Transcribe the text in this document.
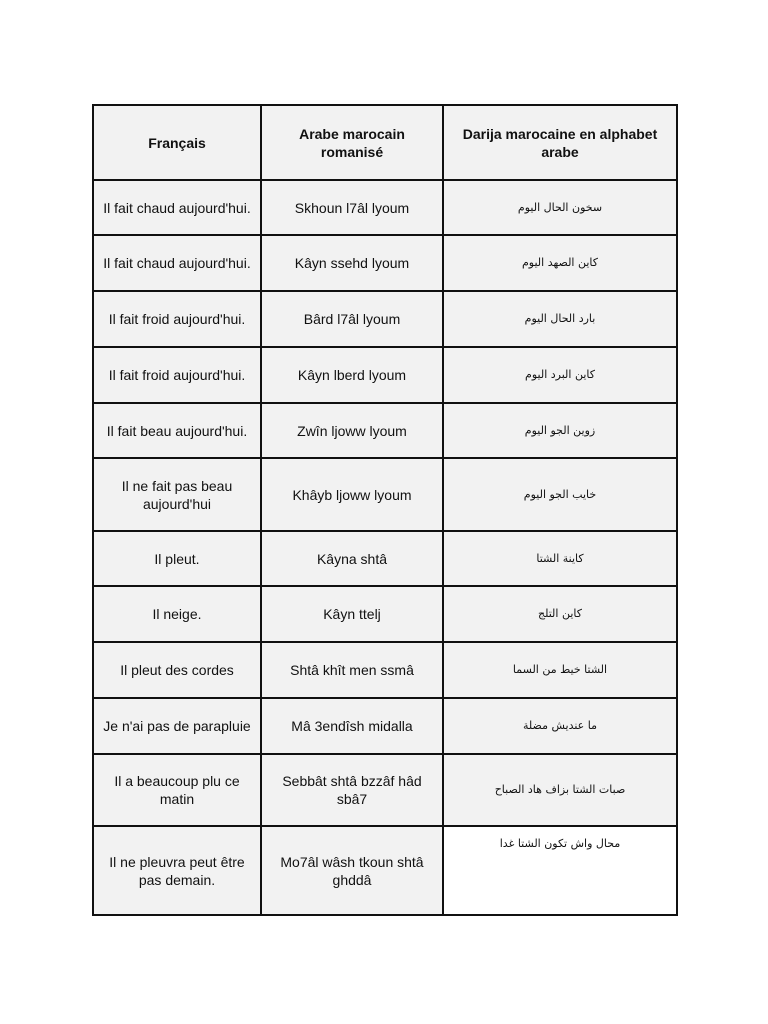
Français	Arabe marocain romanisé	Darija marocaine en alphabet arabe
Il fait chaud aujourd'hui.	Skhoun l7âl lyoum	سخون الحال اليوم
Il fait chaud aujourd'hui.	Kâyn ssehd lyoum	كاين الصهد اليوم
Il fait froid aujourd'hui.	Bârd l7âl lyoum	بارد الحال اليوم
Il fait froid aujourd'hui.	Kâyn lberd lyoum	كاين البرد اليوم
Il fait beau aujourd'hui.	Zwîn ljoww lyoum	زوين الجو اليوم
Il ne fait pas beau aujourd'hui	Khâyb ljoww lyoum	خايب الجو اليوم
Il pleut.	Kâyna shtâ	كاينة الشتا
Il neige.	Kâyn ttelj	كاين التلج
Il pleut des cordes	Shtâ khît men ssmâ	الشتا خيط من السما
Je n'ai pas de parapluie	Mâ 3endîsh midalla	ما عنديش مضلة
Il a beaucoup plu ce matin	Sebbât shtâ bzzâf hâd sbâ7	صبات الشتا بزاف هاد الصباح
Il ne pleuvra peut être pas demain.	Mo7âl wâsh tkoun shtâ ghddâ	محال واش تكون الشتا غدا
